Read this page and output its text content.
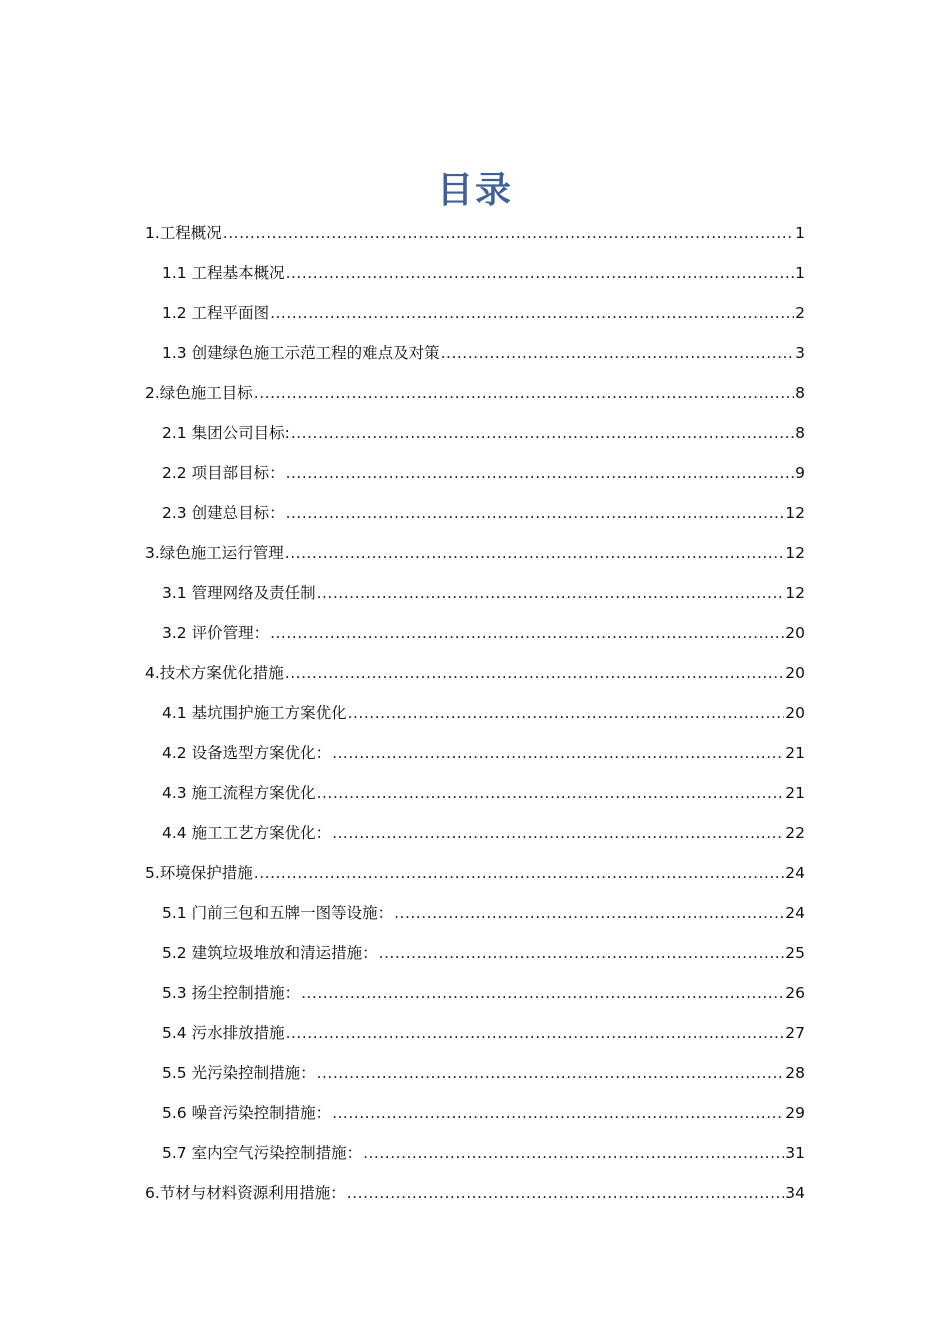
目录
1.工程概况 .....	1
1.1 工程基本概况 .....	1
1.2 工程平面图 .....	2
1.3 创建绿色施工示范工程的难点及对策 .....	3
2.绿色施工目标 .....	8
2.1 集团公司目标: .....	8
2.2 项目部目标： .....	9
2.3 创建总目标： .....	12
3.绿色施工运行管理 .....	12
3.1 管理网络及责任制 .....	12
3.2 评价管理： .....	20
4.技术方案优化措施 .....	20
4.1 基坑围护施工方案优化 .....	20
4.2 设备选型方案优化： .....	21
4.3 施工流程方案优化 .....	21
4.4 施工工艺方案优化： .....	22
5.环境保护措施 .....	24
5.1 门前三包和五牌一图等设施： .....	24
5.2 建筑垃圾堆放和清运措施： .....	25
5.3 扬尘控制措施： .....	26
5.4 污水排放措施 .....	27
5.5 光污染控制措施： .....	28
5.6 噪音污染控制措施： .....	29
5.7 室内空气污染控制措施： .....	31
6.节材与材料资源利用措施： .....	34
